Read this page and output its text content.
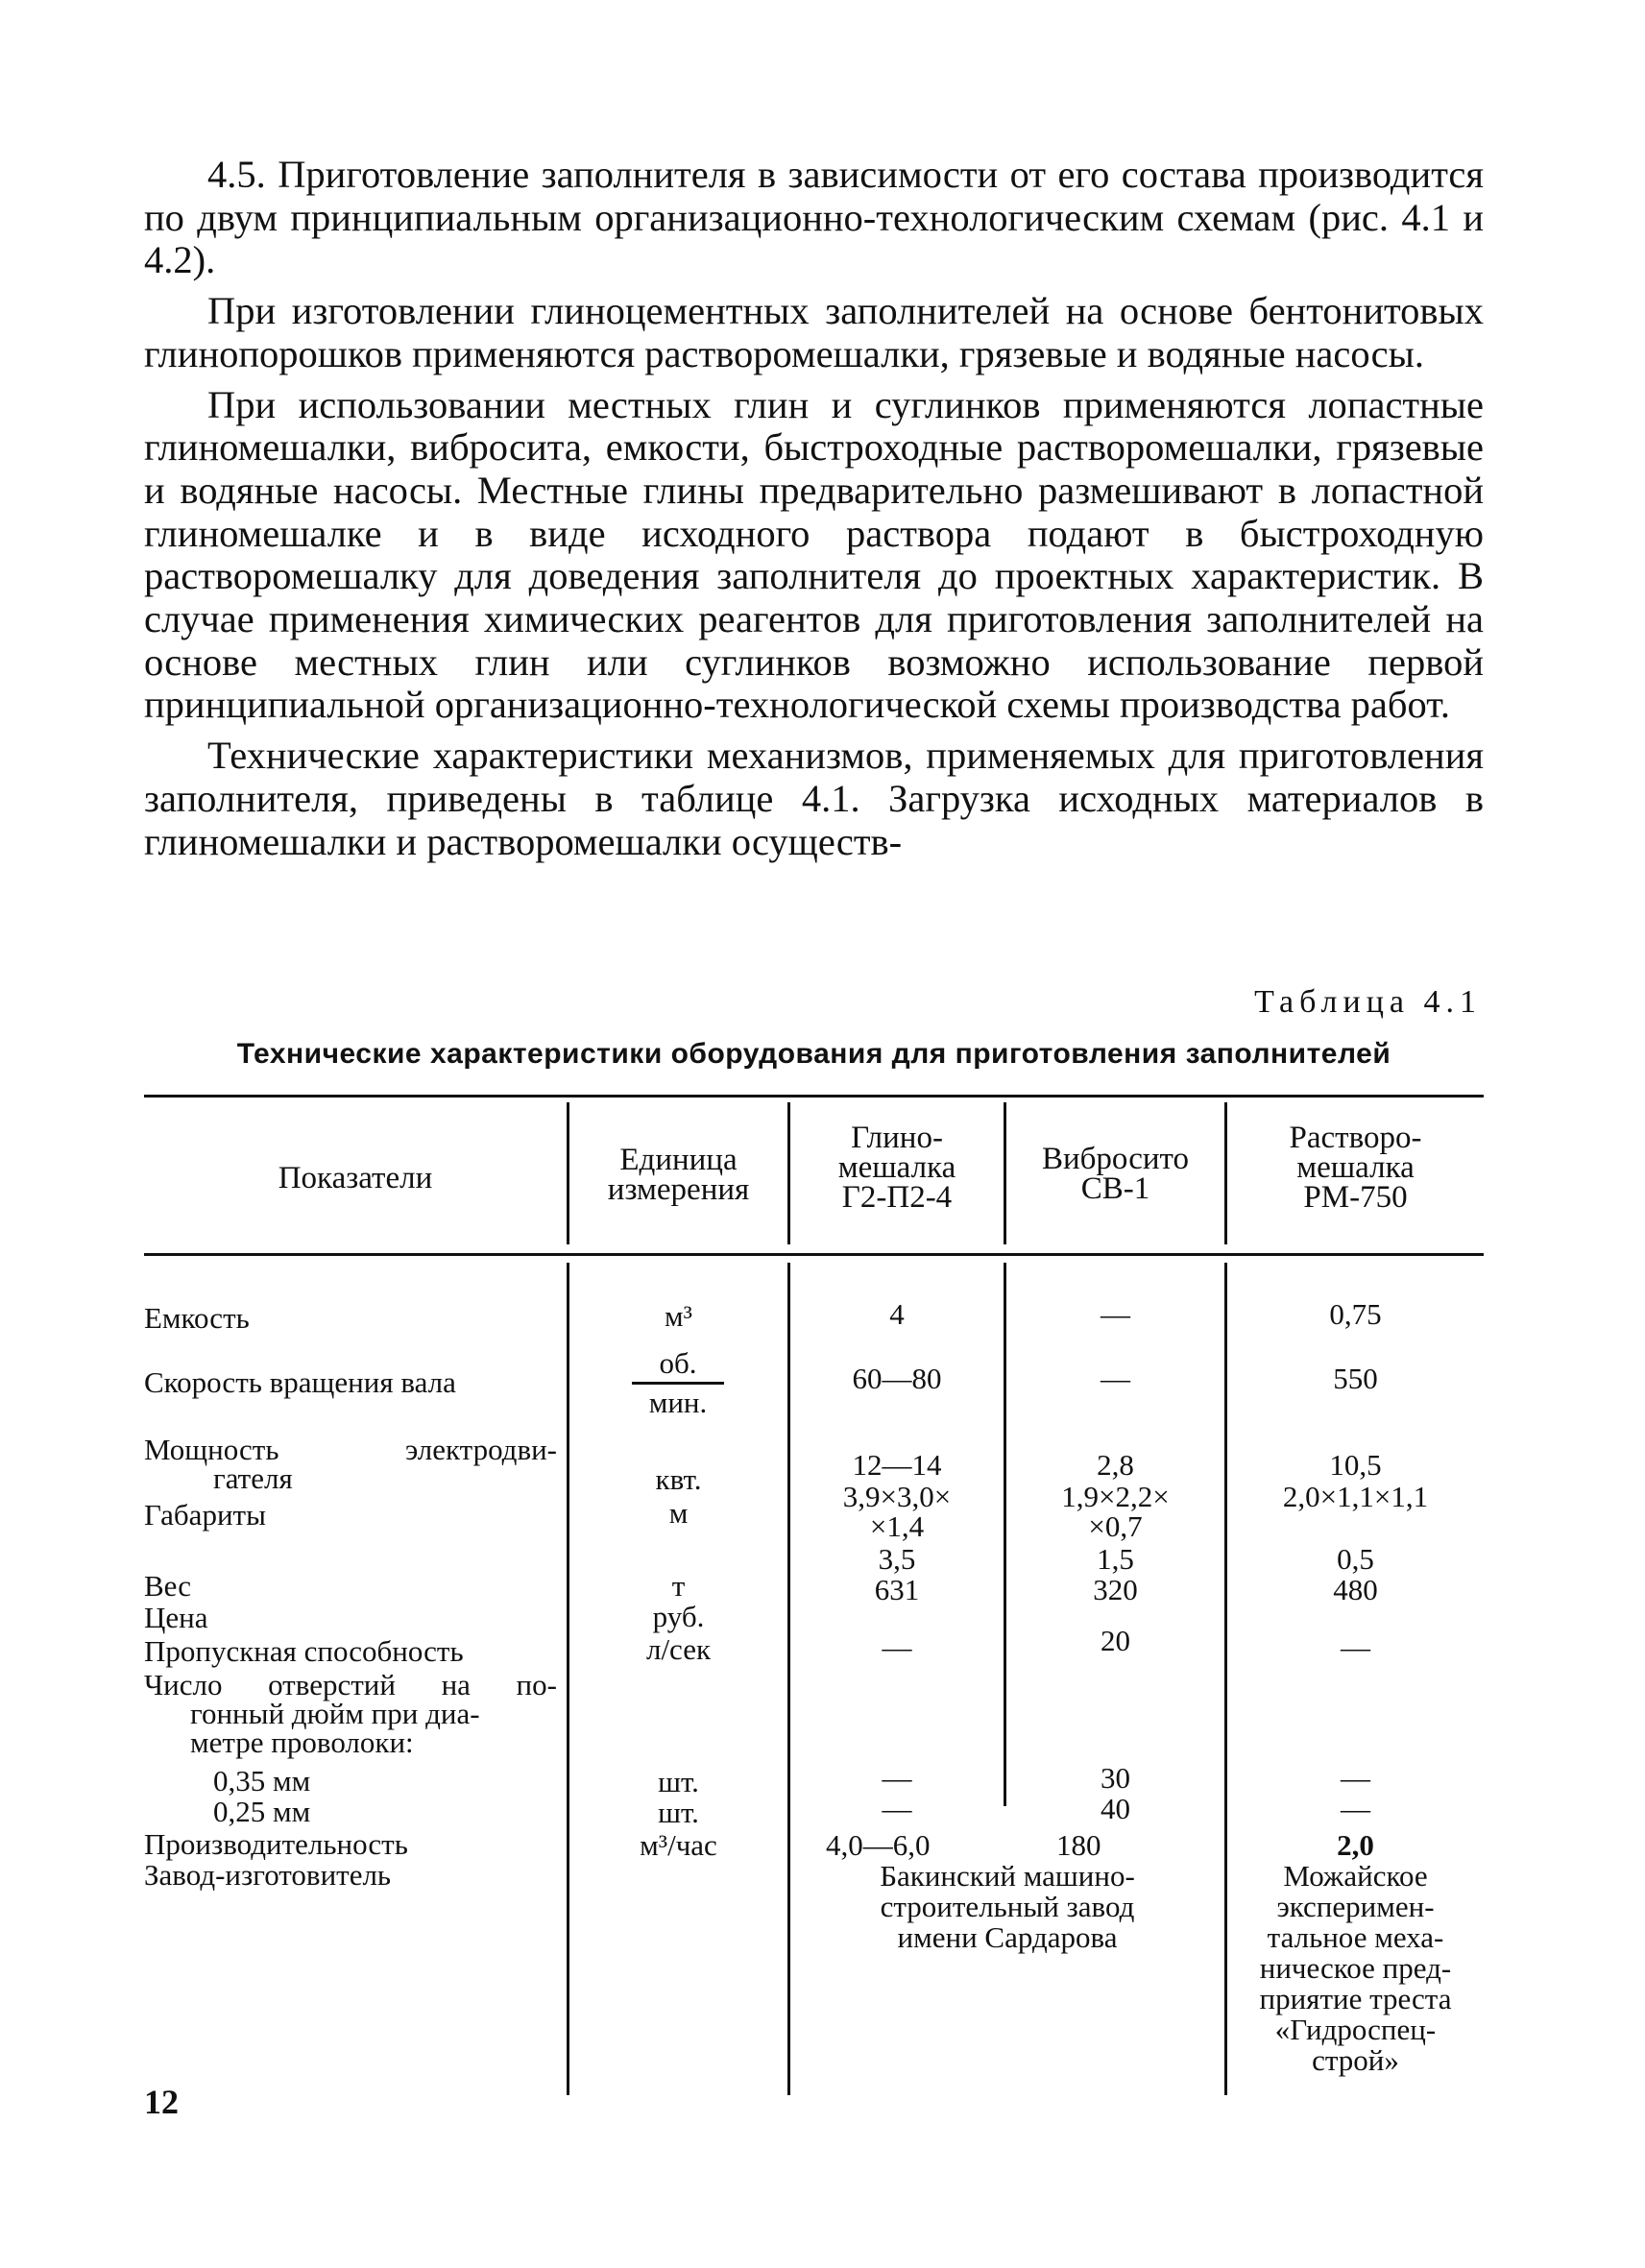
4.5. Приготовление заполнителя в зависимости от его состава производится по двум принципиальным организационно-технологическим схемам (рис. 4.1 и 4.2).

При изготовлении глиноцементных заполнителей на основе бентонитовых глинопорошков применяются растворомешалки, грязевые и водяные насосы.

При использовании местных глин и суглинков применяются лопастные глиномешалки, вибросита, емкости, быстроходные растворомешалки, грязевые и водяные насосы. Местные глины предварительно размешивают в лопастной глиномешалке и в виде исходного раствора подают в быстроходную растворомешалку для доведения заполнителя до проектных характеристик. В случае применения химических реагентов для приготовления заполнителей на основе местных глин или суглинков возможно использование первой принципиальной организационно-технологической схемы производства работ.

Технические характеристики механизмов, применяемых для приготовления заполнителя, приведены в таблице 4.1. Загрузка исходных материалов в глиномешалки и растворомешалки осуществ-

Таблица 4.1
Технические характеристики оборудования для приготовления заполнителей
Показатели
Единица
измерения
Глино-
мешалка
Г2-П2-4
Вибросито
СВ-1
Растворо-
мешалка
РМ-750
Емкость
Скорость вращения вала
Мощность	электродви-
гателя
Габариты
Вес
Цена
Пропускная способность
Число отверстий на по-
гонный дюйм при диа-
метре проволоки:
0,35 мм
0,25 мм
Производительность
Завод-изготовитель
м³
об.
мин.
квт.
м
т
руб.
л/сек
шт.
шт.
м³/час
4
60—80
12—14
3,9×3,0×
×1,4
3,5
631
—
—
—
4,0—6,0
—
—
2,8
1,9×2,2×
×0,7
1,5
320
20
30
40
180
0,75
550
10,5
2,0×1,1×1,1
0,5
480
—
—
—
2,0
Бакинский машино-
строительный завод
имени Сардарова
Можайское
эксперимен-
тальное меха-
ническое пред-
приятие треста
«Гидроспец-
строй»
12
